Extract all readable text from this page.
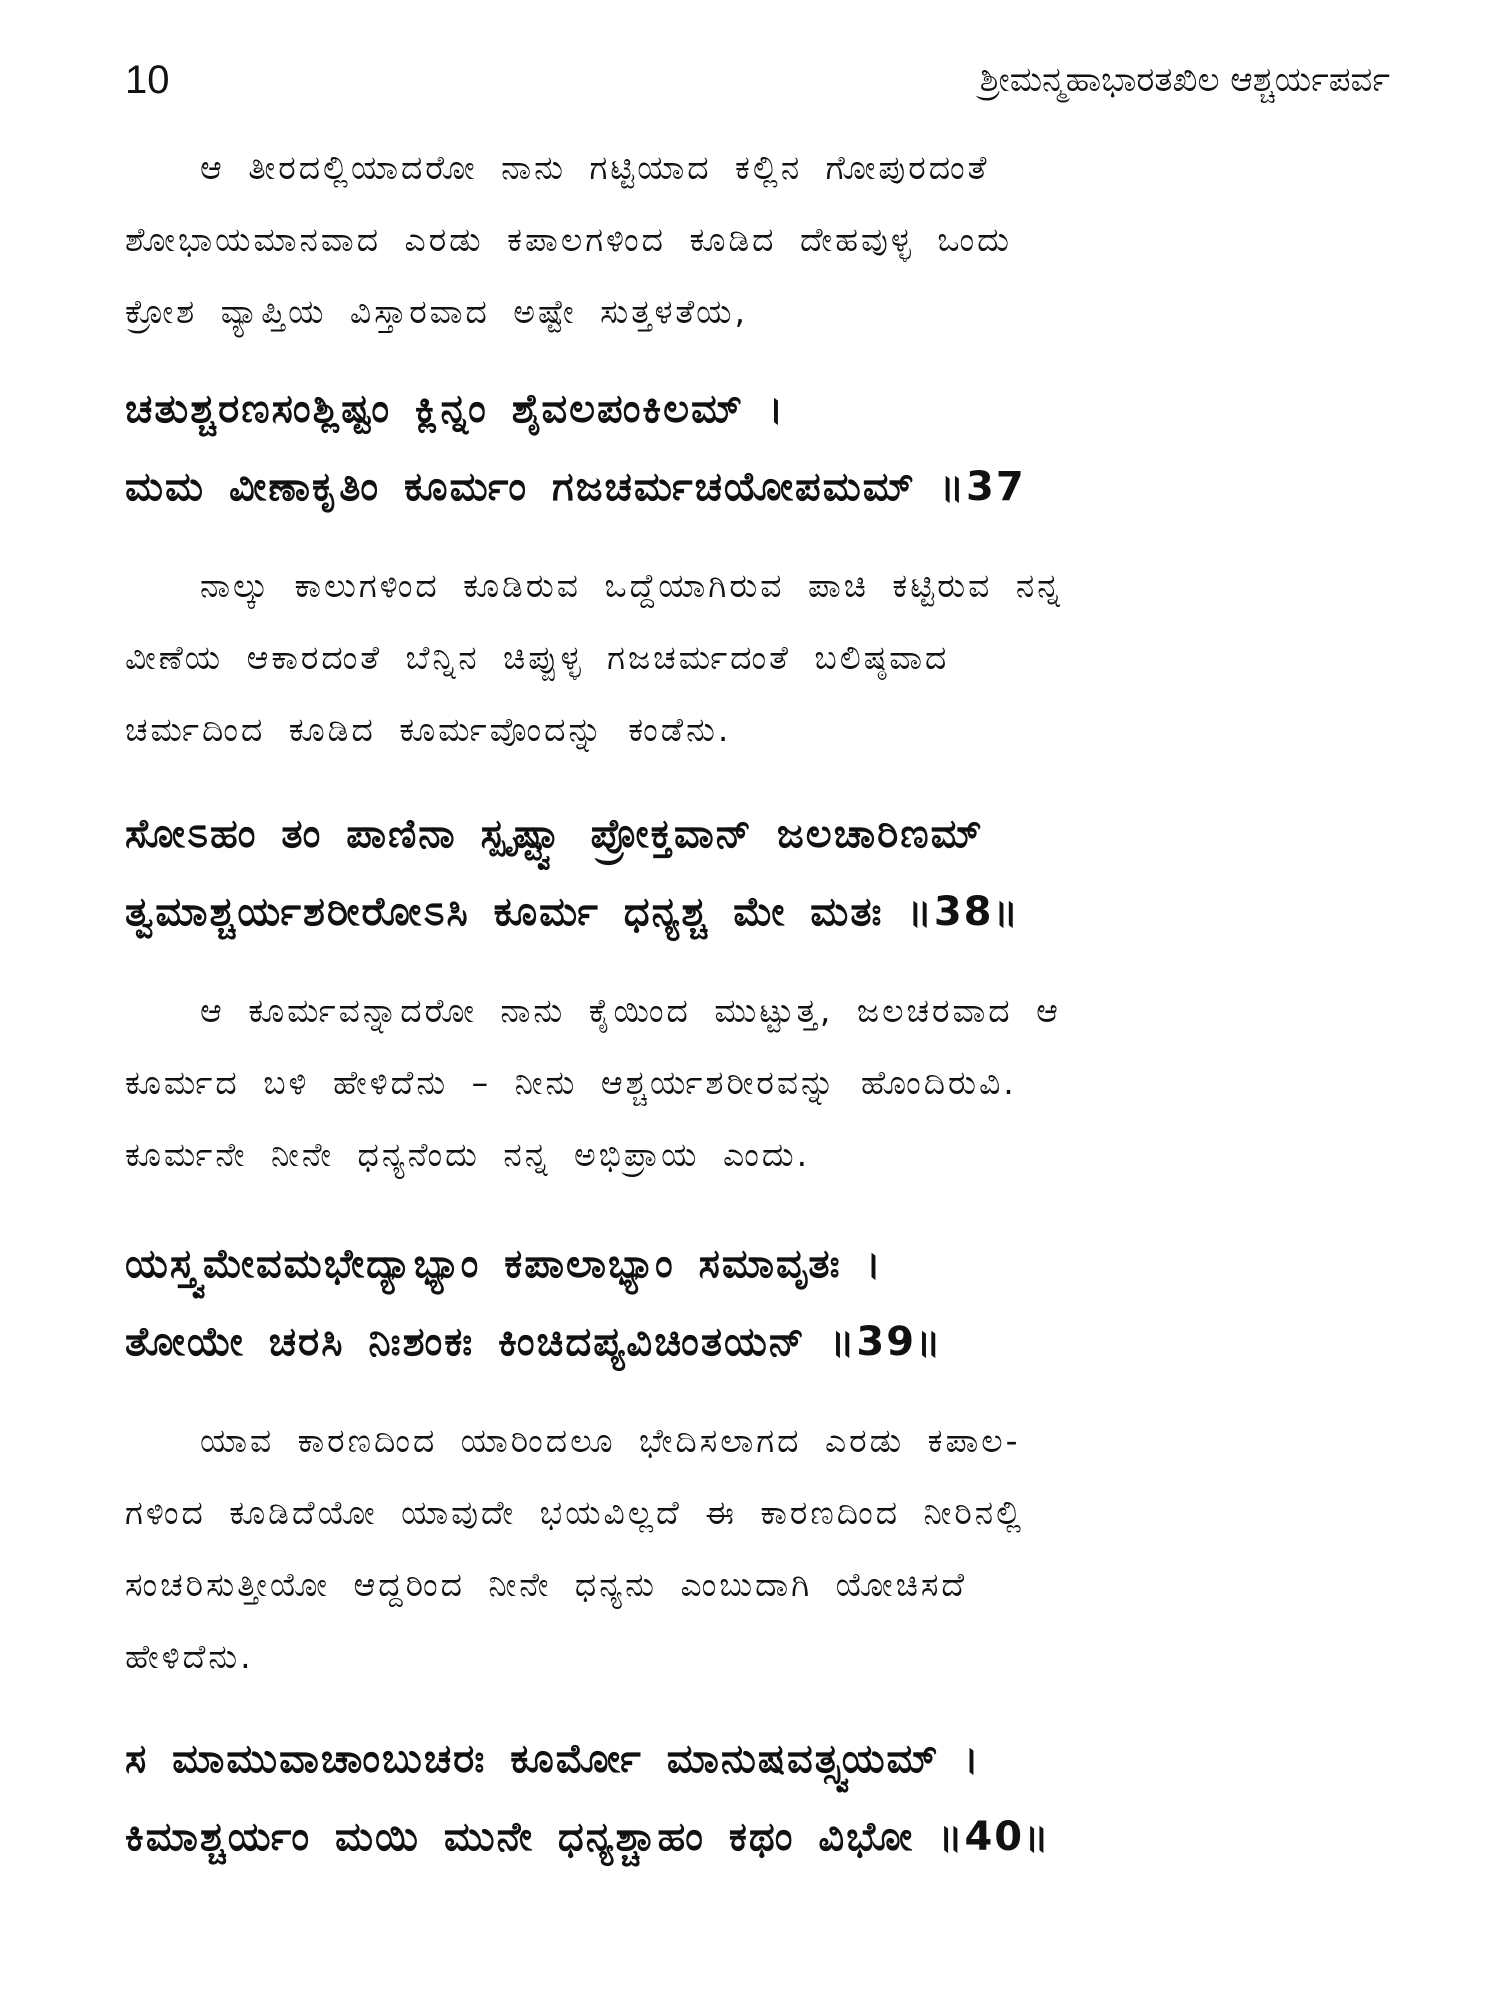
10	ಶ್ರೀಮನ್ಮಹಾಭಾರತಖಿಲ ಆಶ್ಚರ್ಯಪರ್ವ

ಆ ತೀರದಲ್ಲಿಯಾದರೋ ನಾನು ಗಟ್ಟಿಯಾದ ಕಲ್ಲಿನ ಗೋಪುರದಂತೆ

ಶೋಭಾಯಮಾನವಾದ ಎರಡು ಕಪಾಲಗಳಿಂದ ಕೂಡಿದ ದೇಹವುಳ್ಳ ಒಂದು

ಕ್ರೋಶ ವ್ಯಾಪ್ತಿಯ ವಿಸ್ತಾರವಾದ ಅಷ್ಟೇ ಸುತ್ತಳತೆಯ,

ಚತುಶ್ಚರಣಸಂಶ್ಲಿಷ್ಟಂ ಕ್ಲಿನ್ನಂ ಶೈವಲಪಂಕಿಲಮ್ ।

ಮಮ ವೀಣಾಕೃತಿಂ ಕೂರ್ಮಂ ಗಜಚರ್ಮಚಯೋಪಮಮ್ ॥37

ನಾಲ್ಕು ಕಾಲುಗಳಿಂದ ಕೂಡಿರುವ ಒದ್ದೆಯಾಗಿರುವ ಪಾಚಿ ಕಟ್ಟಿರುವ ನನ್ನ

ವೀಣೆಯ ಆಕಾರದಂತೆ ಬೆನ್ನಿನ ಚಿಪ್ಪುಳ್ಳ ಗಜಚರ್ಮದಂತೆ ಬಲಿಷ್ಠವಾದ

ಚರ್ಮದಿಂದ ಕೂಡಿದ ಕೂರ್ಮವೊಂದನ್ನು ಕಂಡೆನು.

ಸೋಽಹಂ ತಂ ಪಾಣಿನಾ ಸ್ಪೃಷ್ಟ್ವಾ ಪ್ರೋಕ್ತವಾನ್ ಜಲಚಾರಿಣಮ್

ತ್ವಮಾಶ್ಚರ್ಯಶರೀರೋಽಸಿ ಕೂರ್ಮ ಧನ್ಯಶ್ಚ ಮೇ ಮತಃ ॥38॥

ಆ ಕೂರ್ಮವನ್ನಾದರೋ ನಾನು ಕೈಯಿಂದ ಮುಟ್ಟುತ್ತ, ಜಲಚರವಾದ ಆ

ಕೂರ್ಮದ ಬಳಿ ಹೇಳಿದೆನು – ನೀನು ಆಶ್ಚರ್ಯಶರೀರವನ್ನು ಹೊಂದಿರುವಿ.

ಕೂರ್ಮನೇ ನೀನೇ ಧನ್ಯನೆಂದು ನನ್ನ ಅಭಿಪ್ರಾಯ ಎಂದು.

ಯಸ್ತ್ವಮೇವಮಭೇದ್ಯಾಭ್ಯಾಂ ಕಪಾಲಾಭ್ಯಾಂ ಸಮಾವೃತಃ ।

ತೋಯೇ ಚರಸಿ ನಿಃಶಂಕಃ ಕಿಂಚಿದಪ್ಯವಿಚಿಂತಯನ್ ॥39॥

ಯಾವ ಕಾರಣದಿಂದ ಯಾರಿಂದಲೂ ಭೇದಿಸಲಾಗದ ಎರಡು ಕಪಾಲ-

ಗಳಿಂದ ಕೂಡಿದೆಯೋ ಯಾವುದೇ ಭಯವಿಲ್ಲದೆ ಈ ಕಾರಣದಿಂದ ನೀರಿನಲ್ಲಿ

ಸಂಚರಿಸುತ್ತೀಯೋ ಆದ್ದರಿಂದ ನೀನೇ ಧನ್ಯನು ಎಂಬುದಾಗಿ ಯೋಚಿಸದೆ

ಹೇಳಿದೆನು.

ಸ ಮಾಮುವಾಚಾಂಬುಚರಃ ಕೂರ್ಮೋ ಮಾನುಷವತ್ಸ್ವಯಮ್ ।

ಕಿಮಾಶ್ಚರ್ಯಂ ಮಯಿ ಮುನೇ ಧನ್ಯಶ್ಚಾಹಂ ಕಥಂ ವಿಭೋ ॥40॥
